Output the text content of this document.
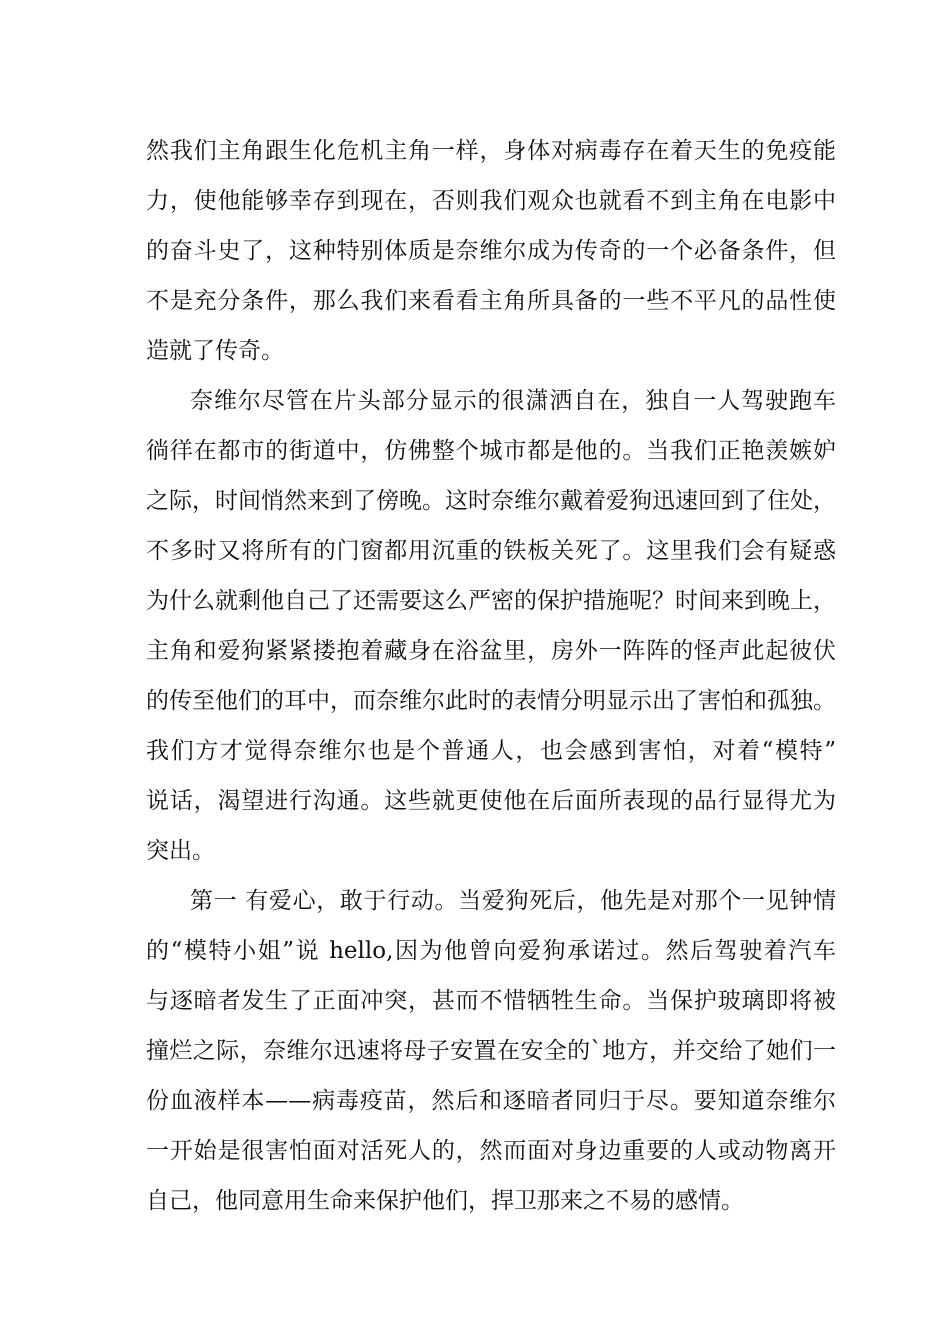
然我们主角跟生化危机主角一样，身体对病毒存在着天生的免疫能
力，使他能够幸存到现在，否则我们观众也就看不到主角在电影中
的奋斗史了，这种特别体质是奈维尔成为传奇的一个必备条件，但
不是充分条件，那么我们来看看主角所具备的一些不平凡的品性使
造就了传奇。
奈维尔尽管在片头部分显示的很潇洒自在，独自一人驾驶跑车
徜徉在都市的街道中，仿佛整个城市都是他的。当我们正艳羡嫉妒
之际，时间悄然来到了傍晚。这时奈维尔戴着爱狗迅速回到了住处，
不多时又将所有的门窗都用沉重的铁板关死了。这里我们会有疑惑
为什么就剩他自己了还需要这么严密的保护措施呢？时间来到晚上，
主角和爱狗紧紧搂抱着藏身在浴盆里，房外一阵阵的怪声此起彼伏
的传至他们的耳中，而奈维尔此时的表情分明显示出了害怕和孤独。
我们方才觉得奈维尔也是个普通人，也会感到害怕，对着“模特”
说话，渴望进行沟通。这些就更使他在后面所表现的品行显得尤为
突出。
第一 有爱心，敢于行动。当爱狗死后，他先是对那个一见钟情
的“模特小姐”说 hello,因为他曾向爱狗承诺过。然后驾驶着汽车
与逐暗者发生了正面冲突，甚而不惜牺牲生命。当保护玻璃即将被
撞烂之际，奈维尔迅速将母子安置在安全的`地方，并交给了她们一
份血液样本——病毒疫苗，然后和逐暗者同归于尽。要知道奈维尔
一开始是很害怕面对活死人的，然而面对身边重要的人或动物离开
自己，他同意用生命来保护他们，捍卫那来之不易的感情。
